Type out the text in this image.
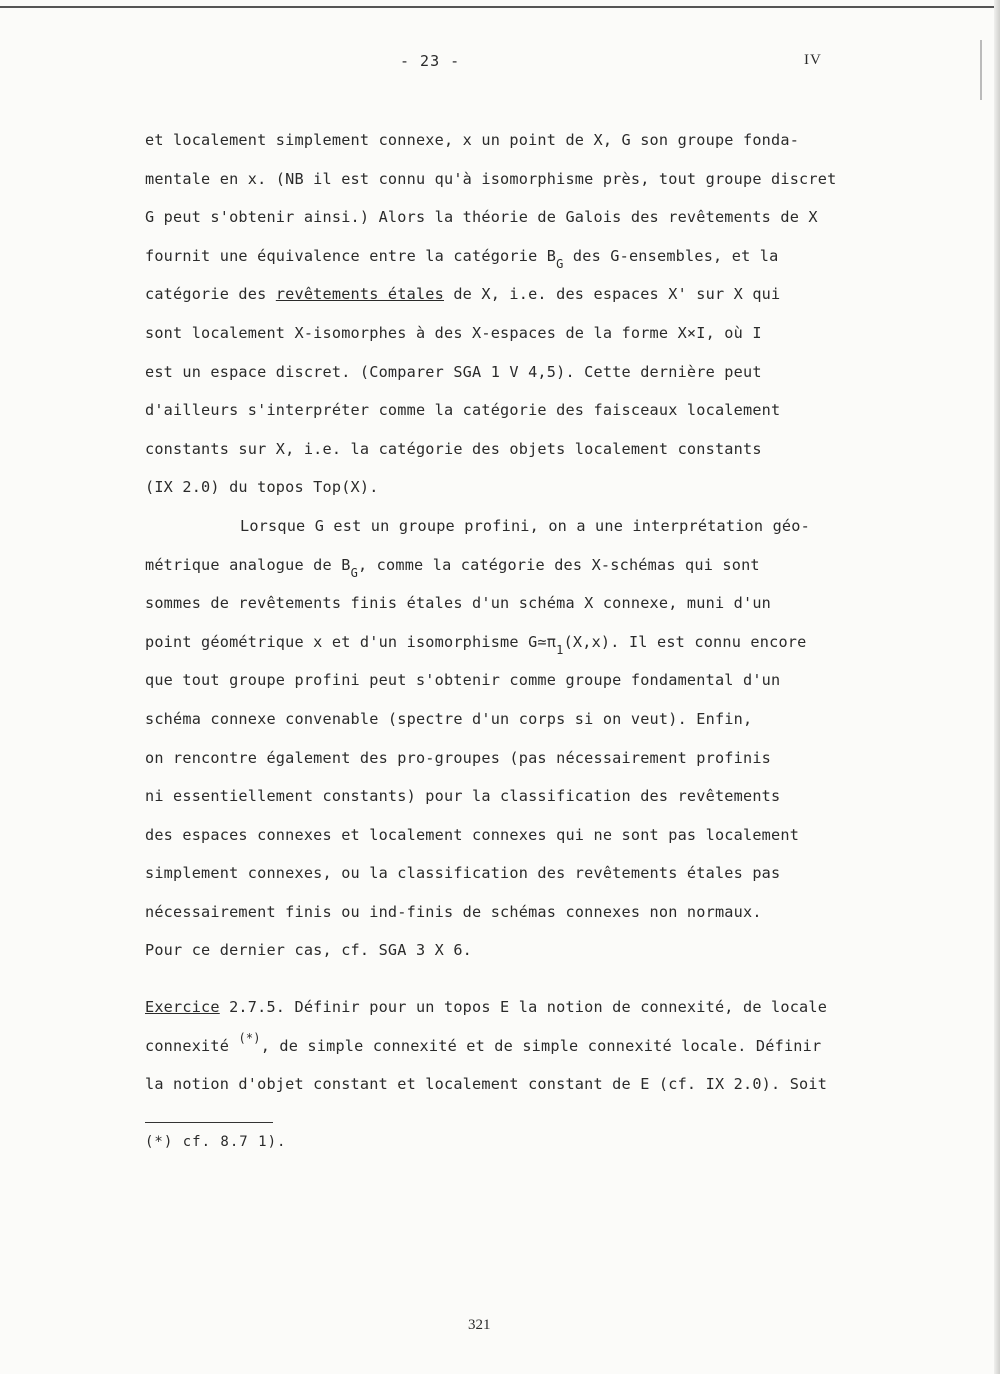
- 23 -	IV
et localement simplement connexe, x un point de X, G son groupe fonda-
mentale en x. (NB il est connu qu'à isomorphisme près, tout groupe discret
G peut s'obtenir ainsi.) Alors la théorie de Galois des revêtements de X
fournit une équivalence entre la catégorie $B_G$ des G-ensembles, et la
catégorie des revêtements étales de X, i.e. des espaces X' sur X qui
sont localement X-isomorphes à des X-espaces de la forme X×I, où I
est un espace discret. (Comparer SGA 1 V 4,5). Cette dernière peut
d'ailleurs s'interpréter comme la catégorie des faisceaux localement
constants sur X, i.e. la catégorie des objets localement constants
(IX 2.0) du topos Top(X).
Lorsque G est un groupe profini, on a une interprétation géo-
métrique analogue de $B_G$, comme la catégorie des X-schémas qui sont
sommes de revêtements finis étales d'un schéma X connexe, muni d'un
point géométrique x et d'un isomorphisme $G≃\pi_1(X,x)$. Il est connu encore
que tout groupe profini peut s'obtenir comme groupe fondamental d'un
schéma connexe convenable (spectre d'un corps si on veut). Enfin,
on rencontre également des pro-groupes (pas nécessairement profinis
ni essentiellement constants) pour la classification des revêtements
des espaces connexes et localement connexes qui ne sont pas localement
simplement connexes, ou la classification des revêtements étales pas
nécessairement finis ou ind-finis de schémas connexes non normaux.
Pour ce dernier cas, cf. SGA 3 X 6.
Exercice 2.7.5. Définir pour un topos E la notion de connexité, de locale
connexité (*), de simple connexité et de simple connexité locale. Définir
la notion d'objet constant et localement constant de E (cf. IX 2.0). Soit
(*) cf. 8.7 1).
321
